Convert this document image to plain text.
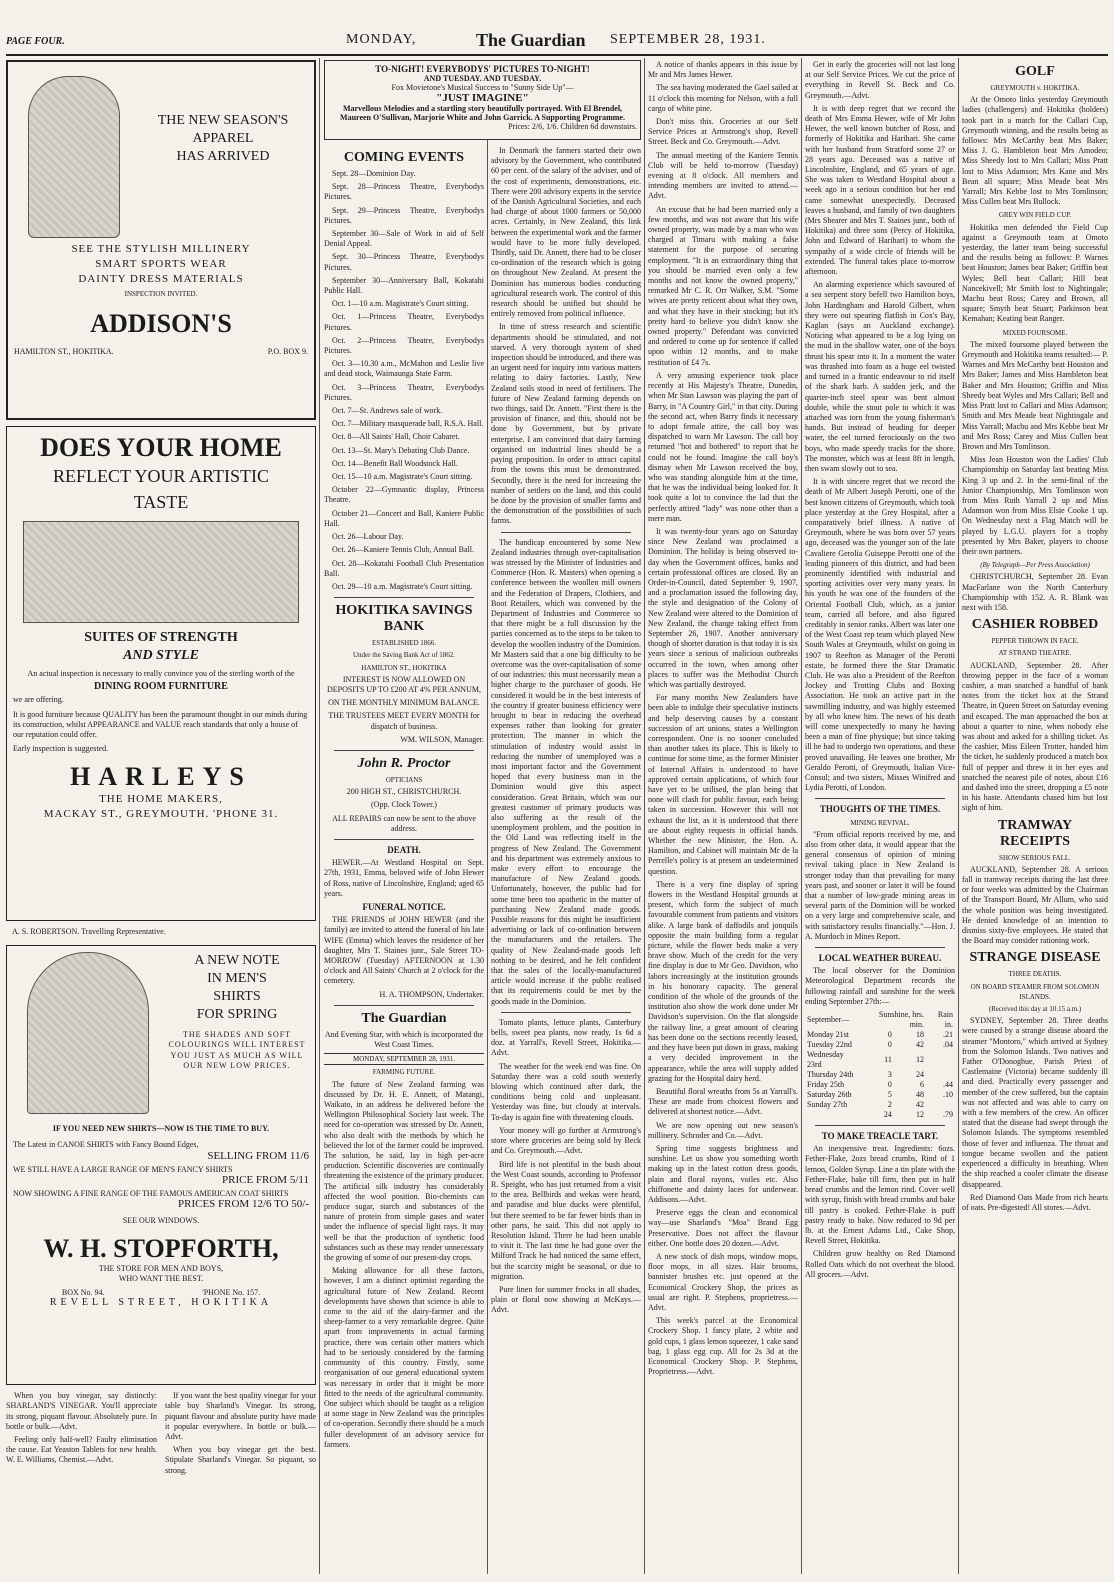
PAGE FOUR.	MONDAY,	The Guardian SEPTEMBER 28, 1931.
THE NEW SEASON'S
APPAREL
HAS ARRIVED
SEE THE STYLISH MILLINERY
SMART SPORTS WEAR
DAINTY DRESS MATERIALS
INSPECTION INVITED.
ADDISON'S
HAMILTON ST., HOKITIKA.	P.O. BOX 9.
DOES YOUR HOME
REFLECT YOUR ARTISTIC
TASTE
SUITES OF STRENGTH
AND STYLE
An actual inspection is necessary to really convince you of the sterling worth of the
DINING ROOM FURNITURE
we are offering.
It is good furniture because QUALITY has been the paramount thought in our minds during its construction, whilst APPEARANCE and VALUE reach standards that only a house of our reputation could offer.
Early inspection is suggested.
HARLEYS
THE HOME MAKERS,
MACKAY ST., GREYMOUTH. 'PHONE 31.
A. S. ROBERTSON. Travelling Representative.
A NEW NOTE
IN MEN'S
SHIRTS
FOR SPRING
THE SHADES AND SOFT COLOURINGS WILL INTEREST YOU JUST AS MUCH AS WILL OUR NEW LOW PRICES.
IF YOU NEED NEW SHIRTS—NOW IS THE TIME TO BUY.
The Latest in CANOE SHIRTS with Fancy Bound Edges,
SELLING FROM 11/6
WE STILL HAVE A LARGE RANGE OF MEN'S FANCY SHIRTS
PRICE FROM 5/11
NOW SHOWING A FINE RANGE OF THE FAMOUS AMERICAN COAT SHIRTS
PRICES FROM 12/6 TO 50/-
SEE OUR WINDOWS.
W. H. STOPFORTH,
THE STORE FOR MEN AND BOYS,
WHO WANT THE BEST.
BOX No. 94.	'PHONE No. 157.
REVELL STREET, HOKITIKA

When you buy vinegar, say distinctly: SHARLAND'S VINEGAR. You'll appreciate its strong, piquant flavour. Absolutely pure. In bottle or bulk.—Advt.

Feeling only half-well? Faulty elimination the cause. Eat Yeaston Tablets for new health. W. E. Williams, Chemist.—Advt.

If you want the best quality vinegar for your table buy Sharland's Vinegar. Its strong, piquant flavour and absolute purity have made it popular everywhere. In bottle or bulk.—Advt.

When you buy vinegar get the best. Stipulate Sharland's Vinegar. So piquant, so strong.

TO-NIGHT! EVERYBODYS' PICTURES TO-NIGHT!
AND TUESDAY. AND TUESDAY.
Fox Movietone's Musical Success to "Sunny Side Up"—
"JUST IMAGINE"
Marvellous Melodies and a startling story beautifully portrayed. With El Brendel, Maureen O'Sullivan, Marjorie White and John Garrick. A Supporting Programme.
Prices: 2/6, 1/6. Children 6d downstairs.
COMING EVENTS

Sept. 28—Dominion Day.

Sept. 28—Princess Theatre, Everybodys Pictures.

Sept. 29—Princess Theatre, Everybodys Pictures.

September 30—Sale of Work in aid of Self Denial Appeal.

Sept. 30—Princess Theatre, Everybodys Pictures.

September 30—Anniversary Ball, Kokatahi Public Hall.

Oct. 1—10 a.m. Magistrate's Court sitting.

Oct. 1—Princess Theatre, Everybodys Pictures.

Oct. 2—Princess Theatre, Everybodys Pictures.

Oct. 3—10.30 a.m., McMahon and Leslie live and dead stock, Waimaunga State Farm.

Oct. 3—Princess Theatre, Everybodys Pictures.

Oct. 7—St. Andrews sale of work.

Oct. 7—Military masquerade ball, R.S.A. Hall.

Oct. 8—All Saints' Hall, Choir Cabaret.

Oct. 13—St. Mary's Debating Club Dance.

Oct. 14—Benefit Ball Woodstock Hall.

Oct. 15—10 a.m. Magistrate's Court sitting.

October 22—Gymnastic display, Princess Theatre.

October 21—Concert and Ball, Kaniere Public Hall.

Oct. 26—Labour Day.

Oct. 26—Kaniere Tennis Club, Annual Ball.

Oct. 28—Kokatahi Football Club Presentation Ball.

Oct. 29—10 a.m. Magistrate's Court sitting.

HOKITIKA SAVINGS BANK
ESTABLISHED 1866.
Under the Saving Bank Act of 1862.
HAMILTON ST., HOKITIKA

INTEREST IS NOW ALLOWED ON DEPOSITS UP TO £200 AT 4% PER ANNUM,

ON THE MONTHLY MINIMUM BALANCE.

THE TRUSTEES MEET EVERY MONTH for dispatch of business.

WM. WILSON, Manager.

John R. Proctor
OPTICIANS

200 HIGH ST., CHRISTCHURCH.

(Opp. Clock Tower.)

ALL REPAIRS can now be sent to the above address.

DEATH.

HEWER.—At Westland Hospital on Sept. 27th, 1931, Emma, beloved wife of John Hewer of Ross, native of Lincolnshire, England; aged 65 years.

FUNERAL NOTICE.

THE FRIENDS of JOHN HEWER (and the family) are invited to attend the funeral of his late WIFE (Emma) which leaves the residence of her daughter, Mrs T. Staines junr., Sale Street TO-MORROW (Tuesday) AFTERNOON at 1.30 o'clock and All Saints' Church at 2 o'clock for the cemetery.

H. A. THOMPSON, Undertaker.

The Guardian

And Evening Star, with which is incorporated the West Coast Times.

MONDAY, SEPTEMBER 28, 1931.
FARMING FUTURE.

The future of New Zealand farming was discussed by Dr. H. E. Annett, of Matangi, Waikato, in an address he delivered before the Wellington Philosophical Society last week. The need for co-operation was stressed by Dr. Annett, who also dealt with the methods by which he believed the lot of the farmer could be improved. The solution, he said, lay in high per-acre production. Scientific discoveries are continually threatening the existence of the primary producer. The artificial silk industry has considerably affected the wool position. Bio-chemists can produce sugar, starch and substances of the nature of protein from simple gases and water under the influence of special light rays. It may well be that the production of synthetic food substances such as these may render unnecessary the growing of some of our present-day crops.

Making allowance for all these factors, however, I am a distinct optimist regarding the agricultural future of New Zealand. Recent developments have shown that science is able to come to the aid of the dairy-farmer and the sheep-farmer to a very remarkable degree. Quite apart from improvements in actual farming practice, there was certain other matters which had to be seriously considered by the farming community of this country. Firstly, some reorganisation of our general educational system was necessary in order that it might be more fitted to the needs of the agricultural community. One subject which should be taught as a religion at some stage in New Zealand was the principles of co-operation. Secondly there should be a much fuller development of an advisory service for farmers.

In Denmark the farmers started their own advisory by the Government, who contributed 60 per cent. of the salary of the adviser, and of the cost of experiments, demonstrations, etc. There were 200 advisory experts in the service of the Danish Agricultural Societies, and each had charge of about 1000 farmers or 50,000 acres. Certainly, in New Zealand, this link between the experimental work and the farmer would have to be more fully developed. Thirdly, said Dr. Annett, there had to be closer co-ordination of the research which is going on throughout New Zealand. At present the Dominion has numerous bodies conducting agricultural research work. The control of this research should be unified but should be entirely removed from political influence.

In time of stress research and scientific departments should be stimulated, and not starved. A very thorough system of shed inspection should be introduced, and there was an urgent need for inquiry into various matters relating to dairy factories. Lastly, New Zealand soils stood in need of fertilisers. The future of New Zealand farming depends on two things, said Dr. Annett. "First there is the provision of finance, and this, should not be done by Government, but by private enterprise. I am convinced that dairy farming organised on industrial lines should be a paying proposition. In order to attract capital from the towns this must be demonstrated. Secondly, there is the need for increasing the number of settlers on the land, and this could be done by the provision of smaller farms and the demonstration of the possibilities of such farms.

The handicap encountered by some New Zealand industries through over-capitalisation was stressed by the Minister of Industries and Commerce (Hon. R. Masters) when opening a conference between the woollen mill owners and the Federation of Drapers, Clothiers, and Boot Retailers, which was convened by the Department of Industries and Commerce so that there might be a full discussion by the parties concerned as to the steps to be taken to develop the woollen industry of the Dominion. Mr Masters said that a one big difficulty to be overcome was the over-capitalisation of some of our industries: this must necessarily mean a higher charge to the purchaser of goods. He considered it would be in the best interests of the country if greater business efficiency were brought to bear in reducing the overhead expenses rather than looking for greater protection. The manner in which the stimulation of industry would assist in reducing the number of unemployed was a most important factor and the Government hoped that every business man in the Dominion would give this aspect consideration. Great Britain, which was our greatest customer of primary products was also suffering as the result of the unemployment problem, and the position in the Old Land was reflecting itself in the progress of New Zealand. The Government and his department was extremely anxious to make every effort to encourage the manufacture of New Zealand goods. Unfortunately, however, the public had for some time been too apathetic in the matter of purchasing New Zealand made goods. Possible reasons for this might be insufficient advertising or lack of co-ordination between the manufacturers and the retailers. The quality of New Zealand-made goods left nothing to be desired, and he felt confident that the sales of the locally-manufactured article would increase if the public realised that its requirements could be met by the goods made in the Dominion.

Tomato plants, lettuce plants, Canterbury bells, sweet pea plants, now ready, 1s 6d a doz. at Yarrall's, Revell Street, Hokitika.—Advt.

The weather for the week end was fine. On Saturday there was a cold south westerly blowing which continued after dark, the conditions being cold and unpleasant. Yesterday was fine, but cloudy at intervals. To-day is again fine with threatening clouds.

Your money will go further at Armstrong's store where groceries are being sold by Beck and Co. Greymouth.—Advt.

Bird life is not plentiful in the bush about the West Coast sounds, according to Professor R. Speight, who has just returned from a visit to the area. Bellbirds and wekas were heard, and paradise and blue ducks were plentiful, but there seemed to be far fewer birds than in other parts, he said. This did not apply to Resolution Island. There he had been unable to visit it. The last time he had gone over the Milford Track he had noticed the same effect, but the scarcity might be seasonal, or due to migration.

Pure linen for summer frocks in all shades, plain or floral now showing at McKays.—Advt.

A notice of thanks appears in this issue by Mr and Mrs James Hewer.

The sea having moderated the Gael sailed at 11 o'clock this morning for Nelson, with a full cargo of white pine.

Don't miss this. Groceries at our Self Service Prices at Armstrong's shop, Revell Street. Beck and Co. Greymouth.—Advt.

The annual meeting of the Kaniere Tennis Club will be held to-morrow (Tuesday) evening at 8 o'clock. All members and intending members are invited to attend.—Advt.

An excuse that he had been married only a few months, and was not aware that his wife owned property, was made by a man who was charged at Timaru with making a false statement for the purpose of securing employment. "It is an extraordinary thing that you should be married even only a few months and not know the owned property," remarked Mr C. R. Orr Walker, S.M. "Some wives are pretty reticent about what they own, and what they have in their stocking; but it's pretty hard to believe you didn't know she owned property." Defendant was convicted and ordered to come up for sentence if called upon within 12 months, and to make restitution of £4 7s.

A very amusing experience took place recently at His Majesty's Theatre, Dunedin, when Mr Stan Lawson was playing the part of Barry, in "A Country Girl," in that city. During the second act, when Barry finds it necessary to adopt female attire, the call boy was dispatched to warn Mr Lawson. The call boy returned "hot and bothered" to report that he could not be found. Imagine the call boy's dismay when Mr Lawson received the boy, who was standing alongside him at the time, that he was the individual being looked for. It took quite a lot to convince the lad that the perfectly attired "lady" was none other than a mere man.

It was twenty-four years ago on Saturday since New Zealand was proclaimed a Dominion. The holiday is being observed to-day when the Government offices, banks and certain professional offices are closed. By an Order-in-Council, dated September 9, 1907, and a proclamation issued the following day, the style and designation of the Colony of New Zealand were altered to the Dominion of New Zealand, the change taking effect from September 26, 1907. Another anniversary though of shorter duration is that today it is six years since a serious of malicious outbreaks occurred in the town, when among other places to suffer was the Methodist Church which was partially destroyed.

For many months New Zealanders have been able to indulge their speculative instincts and help deserving causes by a constant succession of art unions, states a Wellington correspondent. One is no sooner concluded than another takes its place. This is likely to continue for some time, as the former Minister of Internal Affairs is understood to have approved certain applications, of which four have yet to be utilised, the plan being that none will clash for public favour, each being taken in succession. However this will not exhaust the list, as it is understood that there are about eighty requests in official hands. Whether the new Minister, the Hon. A. Hamilton, and Cabinet will maintain Mr de la Perrelle's policy is at present an undetermined question.

There is a very fine display of spring flowers in the Westland Hospital grounds at present, which form the subject of much favourable comment from patients and visitors alike. A large bank of daffodils and jonquils opposite the main building form a regular picture, while the flower beds make a very brave show. Much of the credit for the very fine display is due to Mr Geo. Davidson, who labors increasingly at the institution grounds in his honorary capacity. The general condition of the whole of the grounds of the institution also show the work done under Mr Davidson's supervision. On the flat alongside the railway line, a great amount of clearing has been done on the sections recently leased, and they have been put down in grass, making a very decided improvement in the appearance, while the area will supply added grazing for the Hospital dairy herd.

Beautiful floral wreaths from 5s at Yarrall's. These are made from choicest flowers and delivered at shortest notice.—Advt.

We are now opening out new season's millinery. Schroder and Co.—Advt.

Spring time suggests brightness and sunshine. Let us show you something worth making up in the latest cotton dress goods, plain and floral rayons, voiles etc. Also chiffonette and dainty laces for underwear. Addisons.—Advt.

Preserve eggs the clean and economical way—use Sharland's "Moa" Brand Egg Preservative. Does not affect the flavour either. One bottle does 20 dozen.—Advt.

A new stock of dish mops, window mops, floor mops, in all sizes. Hair brooms, bannister brushes etc. just opened at the Economical Crockery Shop, the prices as usual are right. P. Stephens, proprietress.—Advt.

This week's parcel at the Economical Crockery Shop. 1 fancy plate, 2 white and gold cups, 1 glass lemon squeezer, 1 cake sand bag, 1 glass egg cup. All for 2s 3d at the Economical Crockery Shop. P. Stephens, Proprietress.—Advt.

Get in early the groceries will not last long at our Self Service Prices. We cut the price of everything in Revell St. Beck and Co. Greymouth.—Advt.

It is with deep regret that we record the death of Mrs Emma Hewer, wife of Mr John Hewer, the well known butcher of Ross, and formerly of Hokitika and Harihari. She came with her husband from Stratford some 27 or 28 years ago. Deceased was a native of Lincolnshire, England, and 65 years of age. She was taken to Westland Hospital about a week ago in a serious condition but her end came somewhat unexpectedly. Deceased leaves a husband, and family of two daughters (Mrs Shearer and Mrs T. Staines junr., both of Hokitika) and three sons (Percy of Hokitika, John and Edward of Harihari) to whom the sympathy of a wide circle of friends will be extended. The funeral takes place to-morrow afternoon.

An alarming experience which savoured of a sea serpent story befell two Hamilton boys, John Hardingham and Harold Gilbert, when they were out spearing flatfish in Cox's Bay, Kaglan (says an Auckland exchange). Noticing what appeared to be a log lying on the mud in the shallow water, one of the boys thrust his spear into it. In a moment the water was thrashed into foam as a huge eel twisted and turned in a frantic endeavour to rid itself of the shark barb. A sudden jerk, and the quarter-inch steel spear was bent almost double, while the stout pole to which it was attached was torn from the young fisherman's hands. But instead of heading for deeper water, the eel turned ferociously on the two boys, who made speedy tracks for the shore. The monster, which was at least 8ft in length, then swam slowly out to sea.

It is with sincere regret that we record the death of Mr Albert Joseph Perotti, one of the best known citizens of Greymouth, which took place yesterday at the Grey Hospital, after a comparatively brief illness. A native of Greymouth, where he was born over 57 years ago, deceased was the younger son of the late Cavaliere Gerolia Guiseppe Perotti one of the leading pioneers of this district, and had been prominently identified with industrial and sporting activities over very many years. In his youth he was one of the founders of the Oriental Football Club, which, as a junior team, carried all before, and also figured creditably in senior ranks. Albert was later one of the West Coast rep team which played New South Wales at Greymouth, whilst on going in 1907 to Reefton as Manager of the Perotti estate, he formed there the Star Dramatic Club. He was also a President of the Reefton Jockey and Trotting Clubs and Boxing Association. He took an active part in the sawmilling industry, and was highly esteemed by all who knew him. The news of his death will come unexpectedly to many he having been a man of fine physique; but since taking ill he had to undergo two operations, and these proved unavailing. He leaves one brother, Mr Geraldo Perotti, of Greymouth, Italian Vice-Consul; and two sisters, Misses Winifred and Lydia Perotti, of London.

THOUGHTS OF THE TIMES.
MINING REVIVAL.

"From official reports received by me, and also from other data, it would appear that the general consensus of opinion of mining revival taking place in New Zealand is stronger today than that prevailing for many years past, and sooner or later it will be found that a number of low-grade mining areas in several parts of the Dominion will be worked on a very large and comprehensive scale, and with satisfactory results financially."—Hon. J. A. Murdoch in Mines Report.

LOCAL WEATHER BUREAU.

The local observer for the Dominion Meteorological Department records the following rainfall and sunshine for the week ending September 27th:—

September—	Sunshine, hrs. min.		Rain in.
Monday 21st	0	18	.21
Tuesday 22nd	0	42	.04
Wednesday 23rd	11	12	
Thursday 24th	3	24	
Friday 25th	0	6	.44
Saturday 26th	5	48	.10
Sunday 27th	2	42	
	24	12	.79
TO MAKE TREACLE TART.

An inexpensive treat. Ingredients: 6ozs. Fether-Flake, 2ozs bread crumbs, Rind of 1 lemon, Golden Syrup. Line a tin plate with the Fether-Flake, bake till firm, then put in half bread crumbs and the lemon rind. Cover well with syrup, finish with bread crumbs and bake till pastry is cooked. Fether-Flake is puff pastry ready to bake. Now reduced to 9d per lb. at the Ernest Adams Ltd., Cake Shop, Revell Street, Hokitika.

Children grow healthy on Red Diamond Rolled Oats which do not overheat the blood. All grocers.—Advt.

GOLF
GREYMOUTH v. HOKITIKA.

At the Omoto links yesterday Greymouth ladies (challengers) and Hokitika (holders) took part in a match for the Callari Cup, Greymouth winning, and the results being as follows: Mrs McCarthy beat Mrs Baker; Miss J. G. Hambleton beat Mrs Amodeo; Miss Sheedy lost to Mrs Callari; Miss Pratt lost to Miss Adamson; Mrs Kane and Mrs Bean all square; Miss Meade beat Mrs Yarrall; Mrs Kebbe lost to Mrs Tomlinson; Miss Cullen beat Mrs Bullock.

GREY WIN FIELD CUP.

Hokitika men defended the Field Cup against a Greymouth team at Omoto yesterday, the latter team being successful and the results being as follows: P. Warnes beat Houston; James beat Baker; Griffin beat Wyles; Bell beat Callari; Hill beat Nancekivell; Mr Smith lost to Nightingale; Machu beat Ross; Carey and Brown, all square; Smyth beat Stuart; Parkinson beat Kemahan; Keating beat Ranger.

MIXED FOURSOME.

The mixed foursome played between the Greymouth and Hokitika teams resulted:— P. Warnes and Mrs McCarthy beat Houston and Mrs Baker; James and Miss Hambleton beat Baker and Mrs Houston; Griffin and Miss Sheedy beat Wyles and Mrs Callari; Bell and Miss Pratt lost to Callari and Miss Adamson; Smith and Mrs Meade beat Nightingale and Miss Yarrall; Machu and Mrs Kebbe beat Mr and Mrs Ross; Carey and Miss Cullen beat Brown and Mrs Tomlinson.

Miss Jean Houston won the Ladies' Club Championship on Saturday last beating Miss King 3 up and 2. In the semi-final of the Junior Championship, Mrs Tomlinson won from Miss Ruth Yarrall 2 up and Miss Adamson won from Miss Elsie Cooke 1 up. On Wednesday next a Flag Match will be played by L.G.U. players for a trophy presented by Mrs Baker, players to choose their own partners.

(By Telegraph—Per Press Association)

CHRISTCHURCH, September 28. Evan MacFarlane won the North Canterbury Championship with 152. A. R. Blank was next with 158.

CASHIER ROBBED
PEPPER THROWN IN FACE.
AT STRAND THEATRE.

AUCKLAND, September 28. After throwing pepper in the face of a woman cashier, a man snatched a handful of bank notes from the ticket box at the Strand Theatre, in Queen Street on Saturday evening and escaped. The man approached the box at about a quarter to nine, when nobody else was about and asked for a shilling ticket. As the cashier, Miss Eileen Trotter, handed him the ticket, he suddenly produced a match box full of pepper and threw it in her eyes and snatched the nearest pile of notes, about £16 and dashed into the street, dropping a £5 note in his haste. Attendants chased him but lost sight of him.

TRAMWAY RECEIPTS
SHOW SERIOUS FALL.

AUCKLAND, September 28. A serious fall in tramway receipts during the last three or four weeks was admitted by the Chairman of the Transport Board, Mr Allum, who said the whole position was being investigated. He denied knowledge of an intention to dismiss sixty-five employees. He stated that the Board may consider rationing work.

STRANGE DISEASE
THREE DEATHS.
ON BOARD STEAMER FROM SOLOMON ISLANDS.
(Received this day at 10.15 a.m.)

SYDNEY, September 28. Three deaths were caused by a strange disease aboard the steamer "Montoro," which arrived at Sydney from the Solomon Islands. Two natives and Father O'Donoghue, Parish Priest of Castlemaine (Victoria) became suddenly ill and died. Practically every passenger and member of the crew suffered, but the captain was not affected and was able to carry on with a few members of the crew. An officer stated that the disease had swept through the Solomon Islands. The symptoms resembled those of fever and influenza. The throat and tongue became swollen and the patient experienced a difficulty in breathing. When the ship reached a cooler climate the disease disappeared.

Red Diamond Oats Made from rich hearts of oats. Pre-digested! All stores.—Advt.
